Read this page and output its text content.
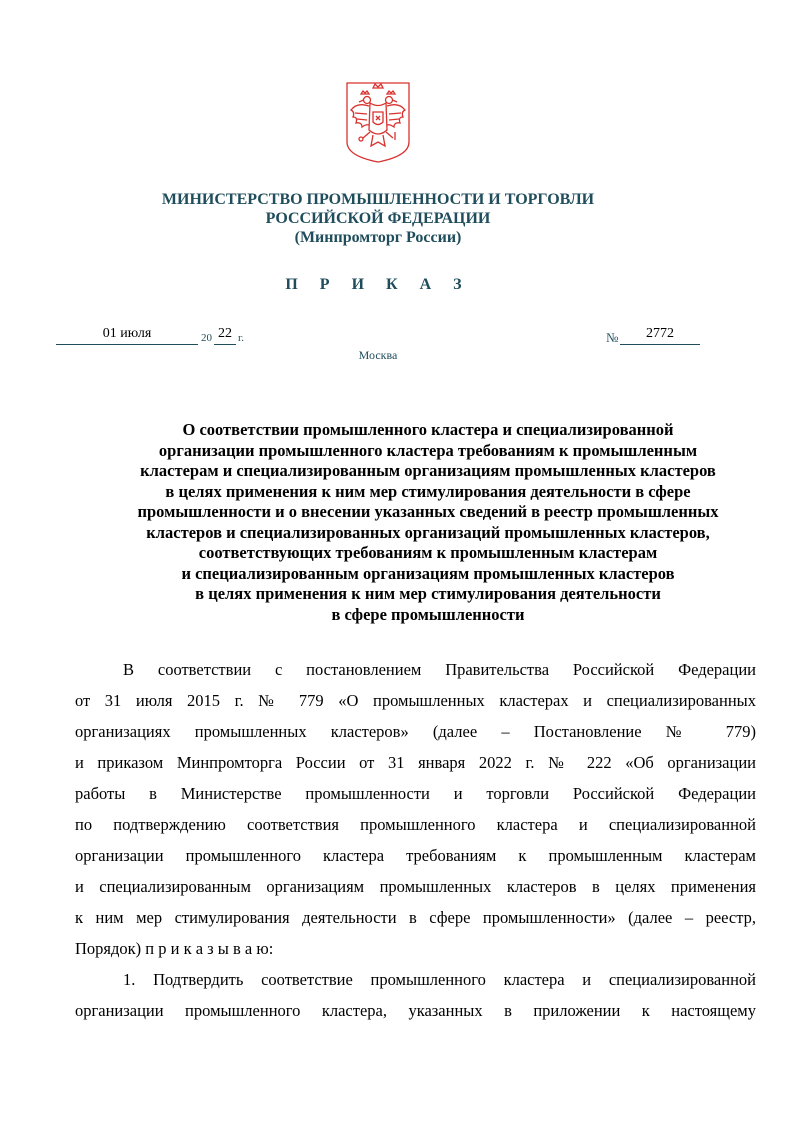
МИНИСТЕРСТВО ПРОМЫШЛЕННОСТИ И ТОРГОВЛИ
РОССИЙСКОЙ ФЕДЕРАЦИИ
(Минпромторг России)
П Р И К А З
01 июля	20 22 г.	№	2772
Москва
О соответствии промышленного кластера и специализированной
организации промышленного кластера требованиям к промышленным
кластерам и специализированным организациям промышленных кластеров
в целях применения к ним мер стимулирования деятельности в сфере
промышленности и о внесении указанных сведений в реестр промышленных
кластеров и специализированных организаций промышленных кластеров,
соответствующих требованиям к промышленным кластерам
и специализированным организациям промышленных кластеров
в целях применения к ним мер стимулирования деятельности
в сфере промышленности
В соответствии с постановлением Правительства Российской Федерации
от 31 июля 2015 г. № 779 «О промышленных кластерах и специализированных
организациях промышленных кластеров» (далее – Постановление № 779)
и приказом Минпромторга России от 31 января 2022 г. № 222 «Об организации
работы в Министерстве промышленности и торговли Российской Федерации
по подтверждению соответствия промышленного кластера и специализированной
организации промышленного кластера требованиям к промышленным кластерам
и специализированным организациям промышленных кластеров в целях применения
к ним мер стимулирования деятельности в сфере промышленности» (далее – реестр,
Порядок) п р и к а з ы в а ю:
1. Подтвердить соответствие промышленного кластера и специализированной
организации промышленного кластера, указанных в приложении к настоящему
